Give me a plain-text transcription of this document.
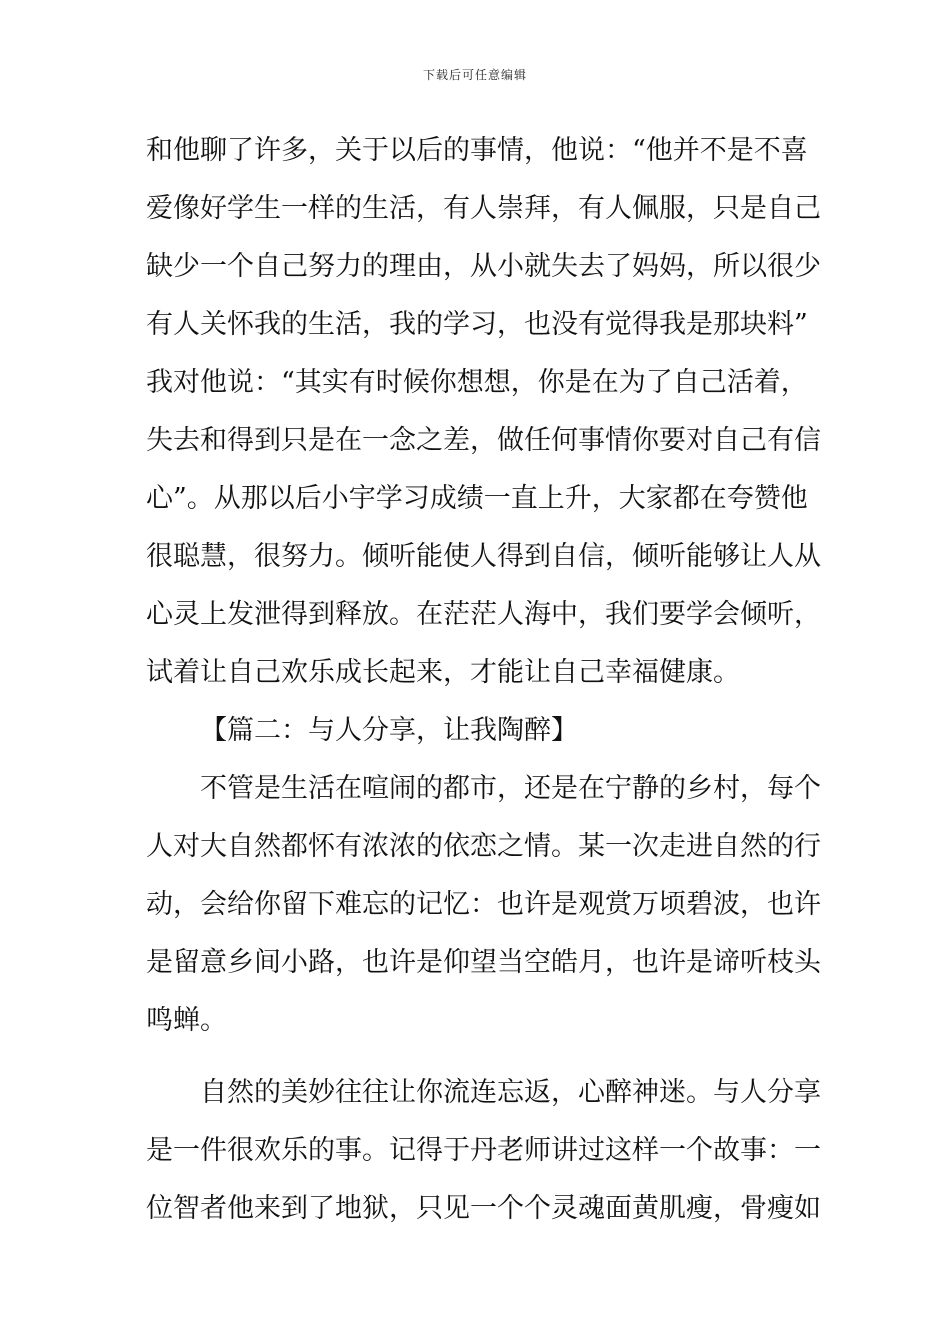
下载后可任意编辑
和他聊了许多，关于以后的事情，他说：“他并不是不喜
爱像好学生一样的生活，有人崇拜，有人佩服，只是自己
缺少一个自己努力的理由，从小就失去了妈妈，所以很少
有人关怀我的生活，我的学习，也没有觉得我是那块料”
我对他说：“其实有时候你想想，你是在为了自己活着，
失去和得到只是在一念之差，做任何事情你要对自己有信
心”。从那以后小宇学习成绩一直上升，大家都在夸赞他
很聪慧，很努力。倾听能使人得到自信，倾听能够让人从
心灵上发泄得到释放。在茫茫人海中，我们要学会倾听，
试着让自己欢乐成长起来，才能让自己幸福健康。
【篇二：与人分享，让我陶醉】
不管是生活在喧闹的都市，还是在宁静的乡村，每个
人对大自然都怀有浓浓的依恋之情。某一次走进自然的行
动，会给你留下难忘的记忆：也许是观赏万顷碧波，也许
是留意乡间小路，也许是仰望当空皓月，也许是谛听枝头
鸣蝉。
自然的美妙往往让你流连忘返，心醉神迷。与人分享
是一件很欢乐的事。记得于丹老师讲过这样一个故事：一
位智者他来到了地狱，只见一个个灵魂面黄肌瘦，骨瘦如
